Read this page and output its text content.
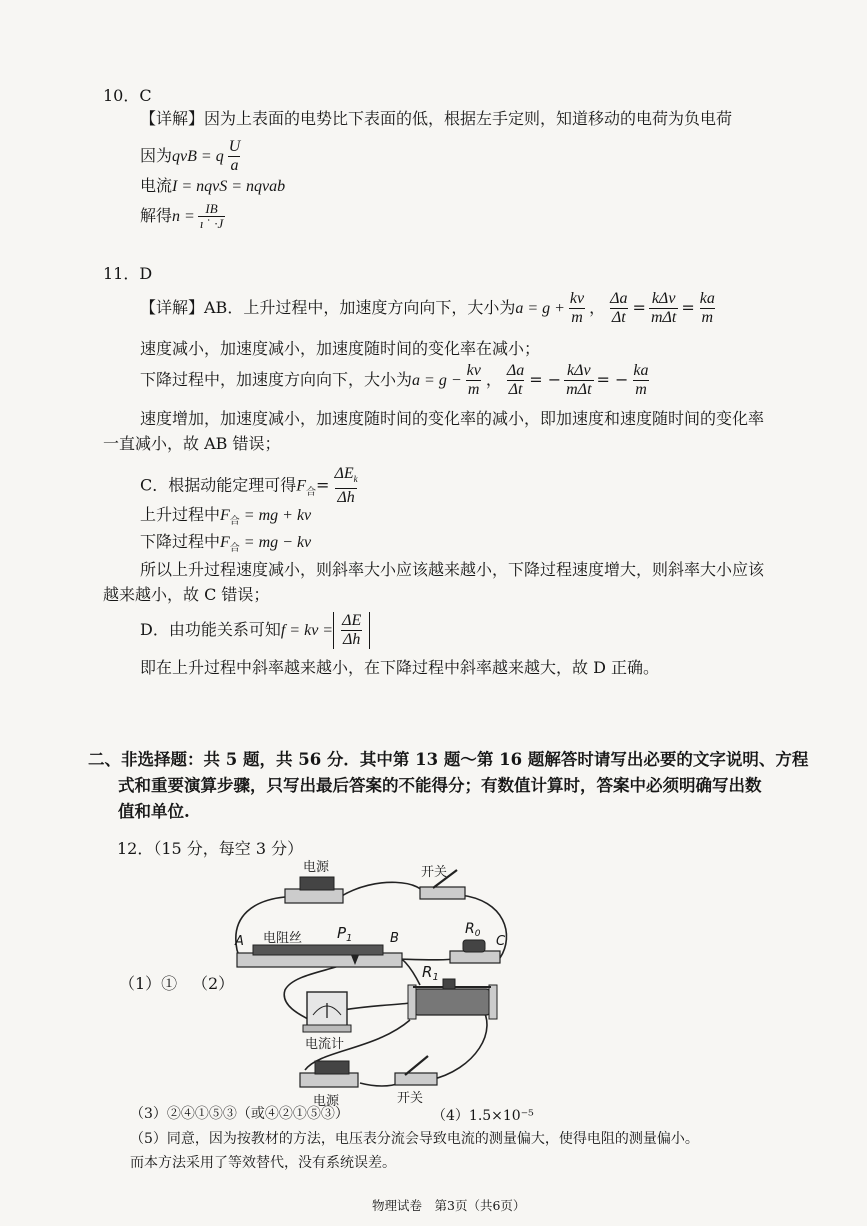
10．C
【详解】因为上表面的电势比下表面的低，根据左手定则，知道移动的电荷为负电荷
因为qvB = q $\frac{U}{a}$
电流I = nqvS = nqvab
解得$n = \frac{IB}{\text{ı ˈ ·J}}$
11．D
【详解】AB．上升过程中，加速度方向向下，大小为$a = g + \frac{kv}{m}$ ， $\frac{\Delta a}{\Delta t} = \frac{\text{kΔv}}{\text{mΔt}} = \frac{ka}{m}$
速度减小，加速度减小，加速度随时间的变化率在减小；
下降过程中，加速度方向向下，大小为$a = g - \frac{kv}{m}$ ， $\frac{\Delta a}{\Delta t}$ = − $\frac{\text{kΔv}}{\text{mΔt}}$ = − $\frac{ka}{m}$
速度增加，加速度减小，加速度随时间的变化率的减小，即加速度和速度随时间的变化率
一直减小，故 AB 错误；
C．根据动能定理可得$F_合= \frac{\Delta E_k}{\Delta h}$
上升过程中$F_合$ = mg + kv
下降过程中$F_合$ = mg − kv
所以上升过程速度减小，则斜率大小应该越来越小，下降过程速度增大，则斜率大小应该
越来越小，故 C 错误；
D．由功能关系可知f = kv = $\frac{\Delta E}{\Delta h}$
即在上升过程中斜率越来越小，在下降过程中斜率越来越大，故 D 正确。
二、非选择题：共 5 题，共 56 分．其中第 13 题～第 16 题解答时请写出必要的文字说明、方程
式和重要演算步骤，只写出最后答案的不能得分；有数值计算时，答案中必须明确写出数
值和单位.
12．（15 分，每空 3 分）
（1）① （2）
电源	开关
A 电阻丝 $P_1$	B
$R_0$ C
电流计
$R_1$
电源	开关
（3）②④①⑤③（或④②①⑤③）	（4）1.5×10⁻⁵
（5）同意，因为按教材的方法，电压表分流会导致电流的测量偏大，使得电阻的测量偏小。
而本方法采用了等效替代，没有系统误差。
物理试卷　第3页（共6页）
